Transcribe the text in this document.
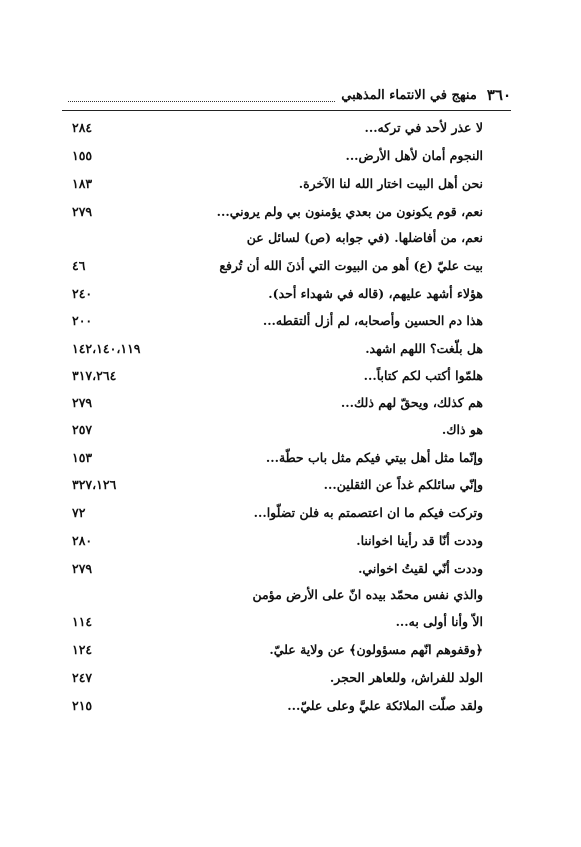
٣٦٠
منهج في الانتماء المذهبي
لا عذر لأحد في تركه...
٢٨٤
النجوم أمان لأهل الأرض...
١٥٥
نحن أهل البيت اختار الله لنا الآخرة.
١٨٣
نعم، قوم يكونون من بعدي يؤمنون بي ولم يروني...
٢٧٩
نعم، من أفاضلها. (في جوابه (ص) لسائل عن
بيت عليّ (ع) أهو من البيوت التي أذنَ الله أن تُرفع
٤٦
هؤلاء أشهد عليهم، (قاله في شهداء أحد).
٢٤٠
هذا دم الحسين وأصحابه، لم أزل ألتقطه...
٢٠٠
هل بلّغت؟ اللهم اشهد.
١٤٢،١٤٠،١١٩
هلمّوا أكتب لكم كتاباً...
٣١٧،٢٦٤
هم كذلك، ويحقّ لهم ذلك...
٢٧٩
هو ذاك.
٢٥٧
وإنّما مثل أهل بيتي فيكم مثل باب حطّة...
١٥٣
وإنّي سائلكم غداً عن الثقلين...
٣٢٧،١٢٦
وتركت فيكم ما ان اعتصمتم به فلن تضلّوا...
٧٢
وددت أنّا قد رأينا اخواننا.
٢٨٠
وددت أنّي لقيتُ اخواني.
٢٧٩
والذي نفس محمّد بيده انّ على الأرض مؤمن
الاّ وأنا أولى به...
١١٤
﴿وقفوهم انّهم مسؤولون﴾ عن ولاية عليّ.
١٢٤
الولد للفراش، وللعاهر الحجر.
٢٤٧
ولقد صلّت الملائكة عليَّ وعلى عليّ...
٢١٥
